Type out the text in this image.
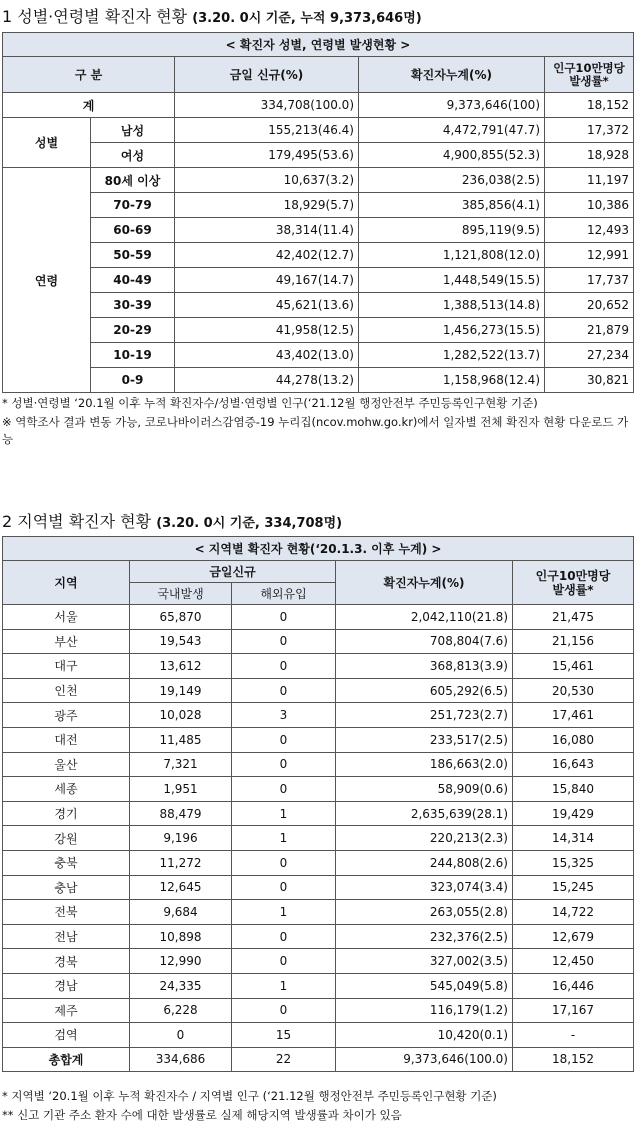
1 성별·연령별 확진자 현황 (3.20. 0시 기준, 누적 9,373,646명)
< 확진자 성별, 연령별 발생현황 >				
구 분		금일 신규(%)	확진자누계(%)	인구10만명당
발생률*
계		334,708(100.0)	9,373,646(100)	18,152
성별	남성	155,213(46.4)	4,472,791(47.7)	17,372
	여성	179,495(53.6)	4,900,855(52.3)	18,928
연령	80세 이상	10,637(3.2)	236,038(2.5)	11,197
	70-79	18,929(5.7)	385,856(4.1)	10,386
	60-69	38,314(11.4)	895,119(9.5)	12,493
	50-59	42,402(12.7)	1,121,808(12.0)	12,991
	40-49	49,167(14.7)	1,448,549(15.5)	17,737
	30-39	45,621(13.6)	1,388,513(14.8)	20,652
	20-29	41,958(12.5)	1,456,273(15.5)	21,879
	10-19	43,402(13.0)	1,282,522(13.7)	27,234
	0-9	44,278(13.2)	1,158,968(12.4)	30,821
* 성별·연령별 ‘20.1월 이후 누적 확진자수/성별·연령별 인구(‘21.12월 행정안전부 주민등록인구현황 기준)
※ 역학조사 결과 변동 가능, 코로나바이러스감염증-19 누리집(ncov.mohw.go.kr)에서 일자별 전체 확진자 현황 다운로드 가능
2 지역별 확진자 현황 (3.20. 0시 기준, 334,708명)
< 지역별 확진자 현황(‘20.1.3. 이후 누계) >				
지역	금일신규		확진자누계(%)	인구10만명당
발생률*
	국내발생	해외유입		
서울	65,870	0	2,042,110(21.8)	21,475
부산	19,543	0	708,804(7.6)	21,156
대구	13,612	0	368,813(3.9)	15,461
인천	19,149	0	605,292(6.5)	20,530
광주	10,028	3	251,723(2.7)	17,461
대전	11,485	0	233,517(2.5)	16,080
울산	7,321	0	186,663(2.0)	16,643
세종	1,951	0	58,909(0.6)	15,840
경기	88,479	1	2,635,639(28.1)	19,429
강원	9,196	1	220,213(2.3)	14,314
충북	11,272	0	244,808(2.6)	15,325
충남	12,645	0	323,074(3.4)	15,245
전북	9,684	1	263,055(2.8)	14,722
전남	10,898	0	232,376(2.5)	12,679
경북	12,990	0	327,002(3.5)	12,450
경남	24,335	1	545,049(5.8)	16,446
제주	6,228	0	116,179(1.2)	17,167
검역	0	15	10,420(0.1)	-
총합계	334,686	22	9,373,646(100.0)	18,152
* 지역별 ‘20.1월 이후 누적 확진자수 / 지역별 인구 (‘21.12월 행정안전부 주민등록인구현황 기준)
** 신고 기관 주소 환자 수에 대한 발생률로 실제 해당지역 발생률과 차이가 있음
